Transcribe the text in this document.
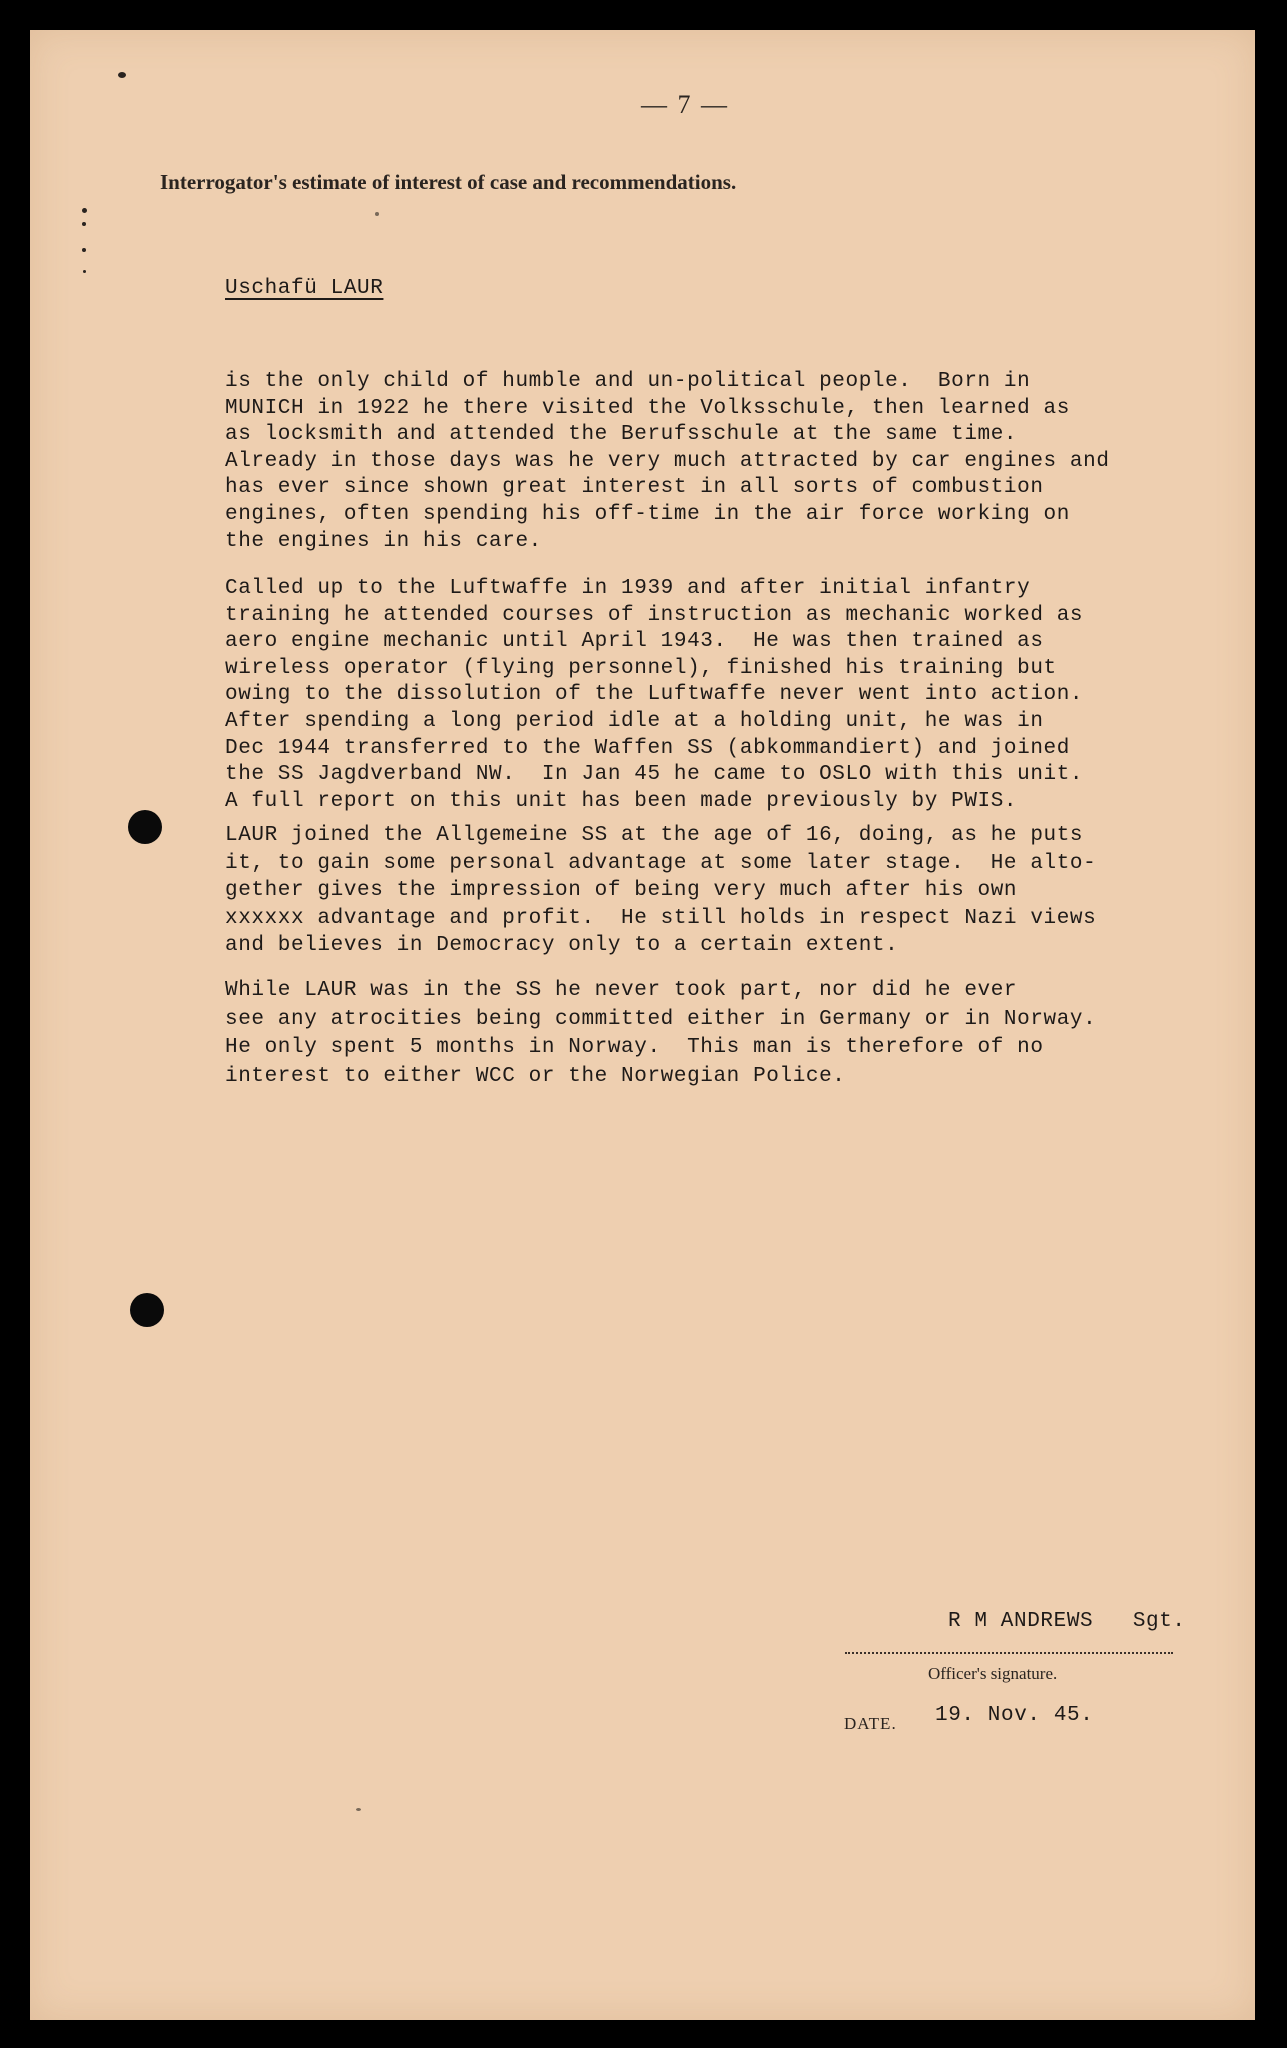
— 7 —
Interrogator's estimate of interest of case and recommendations.
Uschafü LAUR

is the only child of humble and un-political people.  Born in
MUNICH in 1922 he there visited the Volksschule, then learned as
as locksmith and attended the Berufsschule at the same time.
Already in those days was he very much attracted by car engines and
has ever since shown great interest in all sorts of combustion
engines, often spending his off-time in the air force working on
the engines in his care.

Called up to the Luftwaffe in 1939 and after initial infantry
training he attended courses of instruction as mechanic worked as
aero engine mechanic until April 1943.  He was then trained as
wireless operator (flying personnel), finished his training but
owing to the dissolution of the Luftwaffe never went into action.
After spending a long period idle at a holding unit, he was in
Dec 1944 transferred to the Waffen SS (abkommandiert) and joined
the SS Jagdverband NW.  In Jan 45 he came to OSLO with this unit.
A full report on this unit has been made previously by PWIS.

LAUR joined the Allgemeine SS at the age of 16, doing, as he puts
it, to gain some personal advantage at some later stage.  He alto-
gether gives the impression of being very much after his own
xxxxxx advantage and profit.  He still holds in respect Nazi views
and believes in Democracy only to a certain extent.

While LAUR was in the SS he never took part, nor did he ever
see any atrocities being committed either in Germany or in Norway.
He only spent 5 months in Norway.  This man is therefore of no
interest to either WCC or the Norwegian Police.

R M ANDREWS   Sgt.
Officer's signature.
DATE. 19. Nov. 45.
